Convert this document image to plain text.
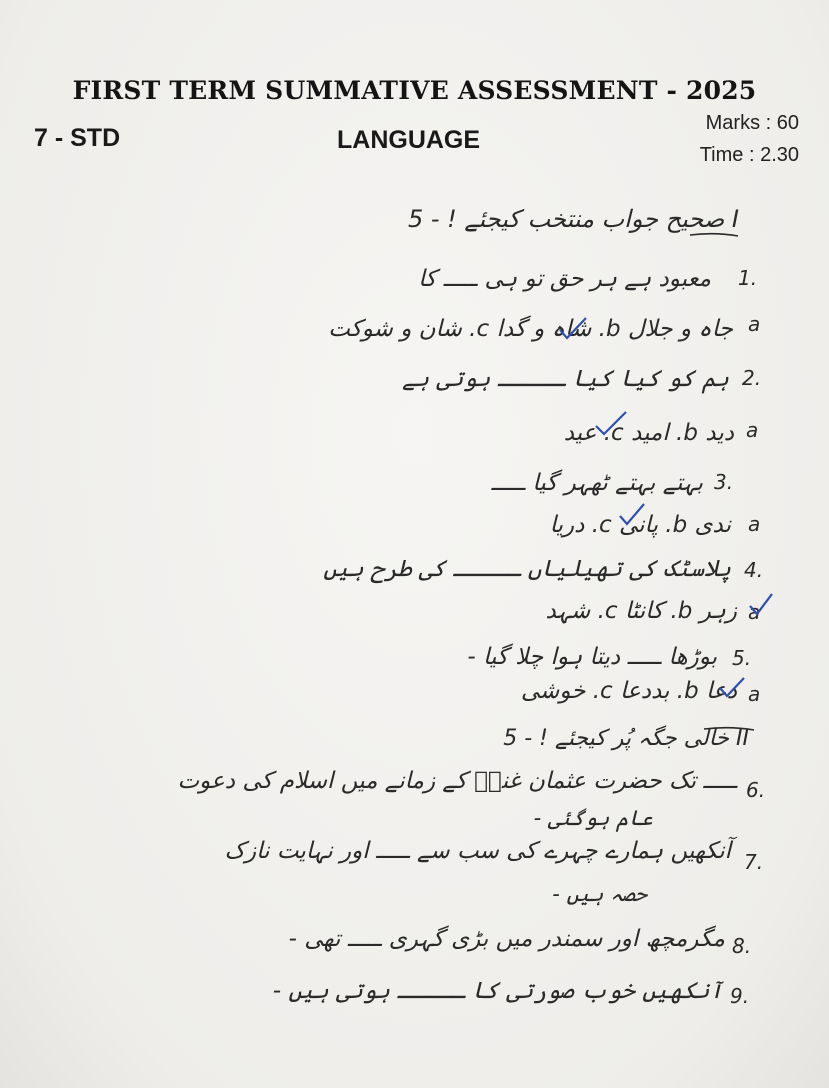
FIRST TERM SUMMATIVE ASSESSMENT - 2025
7 - STD	LANGUAGE
Marks : 60
Time : 2.30
I صحیح جواب منتخب کیجئے ! - 5
1.
معبود ہے ہر حق تو ہی ـــــ کا
a
جاہ و جلال b. شاہ و گدا c. شان و شوکت
2.
ہم کو کیا کیا ـــــ ہوتی ہے
a
دید b. امید c. عید
3.
بہتے بہتے ٹھہر گیا ـــــ
a
ندی b. پانی c. دریا
4.
پلاسٹک کی تھیلیاں ـــــ کی طرح ہیں
a
زہر b. کانٹا c. شہد
5.
بوڑھا ـــــ دیتا ہوا چلا گیا -
a
دعا b. بددعا c. خوشی
II خالی جگہ پُر کیجئے ! - 5
6.
ـــــ تک حضرت عثمان غنیؓ کے زمانے میں اسلام کی دعوت
عام ہوگئی -
7.
آنکھیں ہمارے چہرے کی سب سے ـــــ اور نہایت نازک
حصہ ہیں -
8.
مگرمچھ اور سمندر میں بڑی گہری ـــــ تھی -
9.
آنکھیں خوب صورتی کا ـــــ ہوتی ہیں -
